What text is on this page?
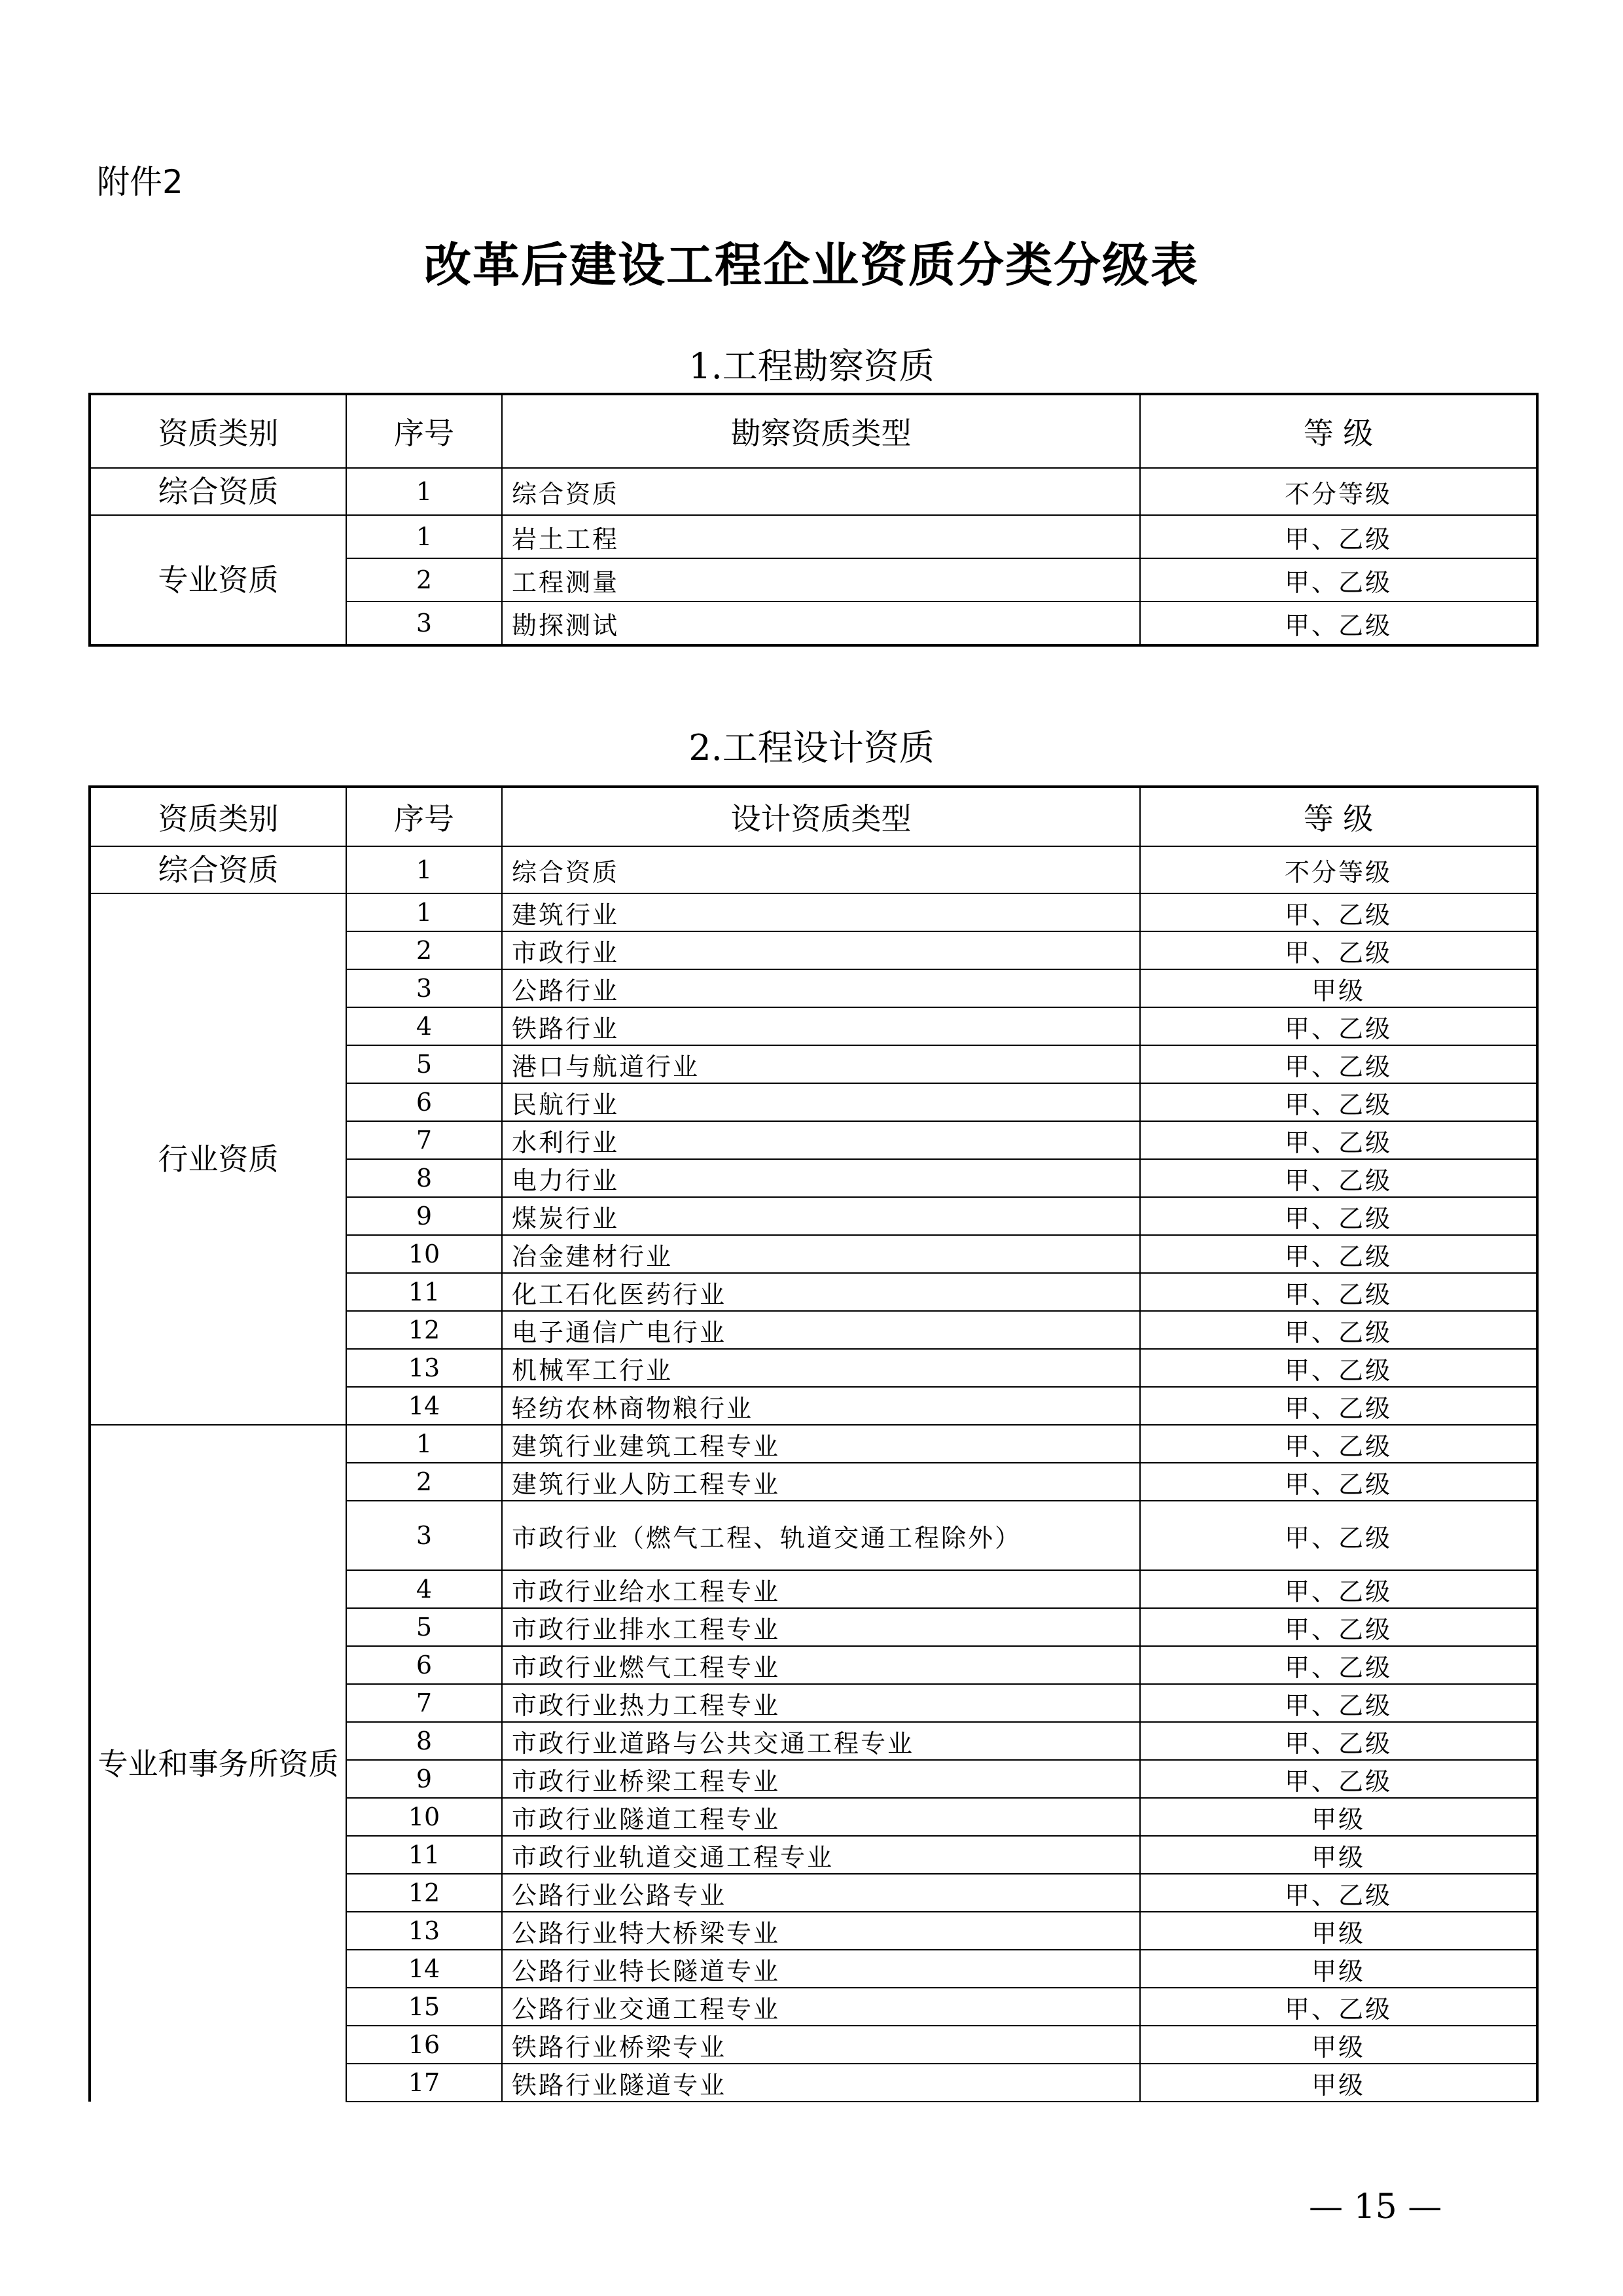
附件2
改革后建设工程企业资质分类分级表
1.工程勘察资质
资质类别	序号	勘察资质类型	等 级
综合资质	1	综合资质	不分等级
专业资质	1	岩土工程	甲、乙级
	2	工程测量	甲、乙级
	3	勘探测试	甲、乙级
2.工程设计资质
资质类别	序号	设计资质类型	等 级
综合资质	1	综合资质	不分等级
行业资质	1	建筑行业	甲、乙级
	2	市政行业	甲、乙级
	3	公路行业	甲级
	4	铁路行业	甲、乙级
	5	港口与航道行业	甲、乙级
	6	民航行业	甲、乙级
	7	水利行业	甲、乙级
	8	电力行业	甲、乙级
	9	煤炭行业	甲、乙级
	10	冶金建材行业	甲、乙级
	11	化工石化医药行业	甲、乙级
	12	电子通信广电行业	甲、乙级
	13	机械军工行业	甲、乙级
	14	轻纺农林商物粮行业	甲、乙级
专业和事务所资质	1	建筑行业建筑工程专业	甲、乙级
	2	建筑行业人防工程专业	甲、乙级
	3	市政行业（燃气工程、轨道交通工程除外）	甲、乙级
	4	市政行业给水工程专业	甲、乙级
	5	市政行业排水工程专业	甲、乙级
	6	市政行业燃气工程专业	甲、乙级
	7	市政行业热力工程专业	甲、乙级
	8	市政行业道路与公共交通工程专业	甲、乙级
	9	市政行业桥梁工程专业	甲、乙级
	10	市政行业隧道工程专业	甲级
	11	市政行业轨道交通工程专业	甲级
	12	公路行业公路专业	甲、乙级
	13	公路行业特大桥梁专业	甲级
	14	公路行业特长隧道专业	甲级
	15	公路行业交通工程专业	甲、乙级
	16	铁路行业桥梁专业	甲级
	17	铁路行业隧道专业	甲级
— 15 —
